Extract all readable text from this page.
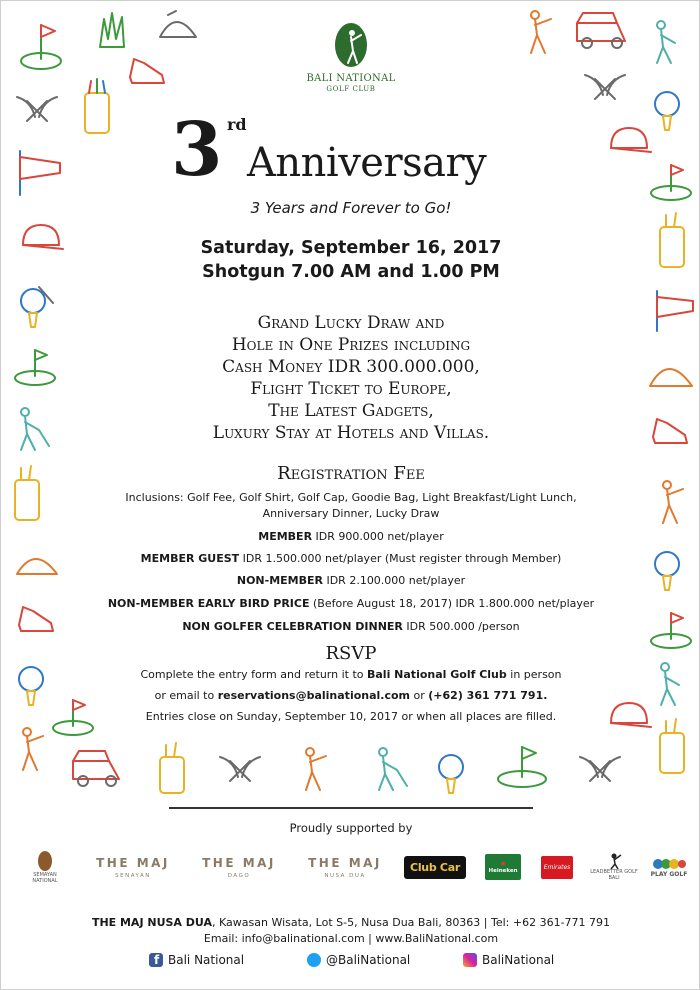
BALI NATIONAL
GOLF CLUB
3 rd
Anniversary
3 Years and Forever to Go!
Saturday, September 16, 2017
Shotgun 7.00 AM and 1.00 PM
Grand Lucky Draw and
Hole in One Prizes including
Cash Money IDR 300.000.000,
Flight Ticket to Europe,
The Latest Gadgets,
Luxury Stay at Hotels and Villas.
Registration Fee
Inclusions: Golf Fee, Golf Shirt, Golf Cap, Goodie Bag, Light Breakfast/Light Lunch, Anniversary Dinner, Lucky Draw
MEMBER IDR 900.000 net/player
MEMBER GUEST IDR 1.500.000 net/player (Must register through Member)
NON-MEMBER IDR 2.100.000 net/player
NON-MEMBER EARLY BIRD PRICE (Before August 18, 2017) IDR 1.800.000 net/player
NON GOLFER CELEBRATION DINNER IDR 500.000 /person
RSVP
Complete the entry form and return it to Bali National Golf Club in person
or email to reservations@balinational.com or (+62) 361 771 791.
Entries close on Sunday, September 10, 2017 or when all places are filled.
Proudly supported by
SEMAYAN NATIONAL
THE MAJ
SENAYAN
THE MAJ
DAGO
THE MAJ
NUSA DUA
Club Car	★
Heineken
Emirates
LEADBETTER GOLF BALI	PLAY GOLF
THE MAJ NUSA DUA, Kawasan Wisata, Lot S-5, Nusa Dua Bali, 80363 | Tel: +62 361-771 791
Email: info@balinational.com | www.BaliNational.com
f Bali National	@BaliNational	BaliNational
